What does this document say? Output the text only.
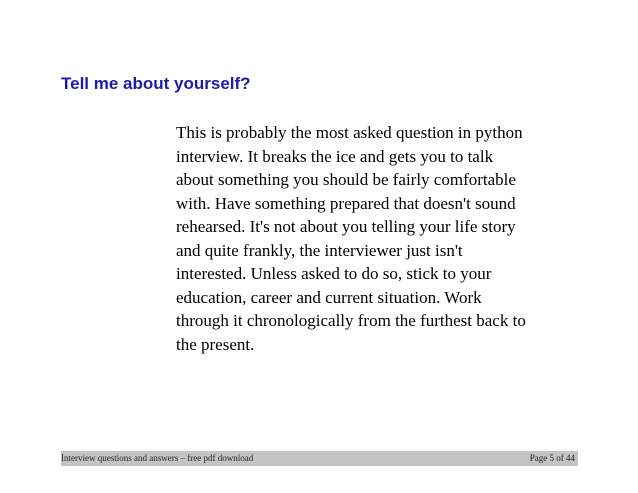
Tell me about yourself?
This is probably the most asked question in python
interview. It breaks the ice and gets you to talk
about something you should be fairly comfortable
with. Have something prepared that doesn't sound
rehearsed. It's not about you telling your life story
and quite frankly, the interviewer just isn't
interested. Unless asked to do so, stick to your
education, career and current situation. Work
through it chronologically from the furthest back to
the present.
Interview questions and answers – free pdf download	Page 5 of 44
